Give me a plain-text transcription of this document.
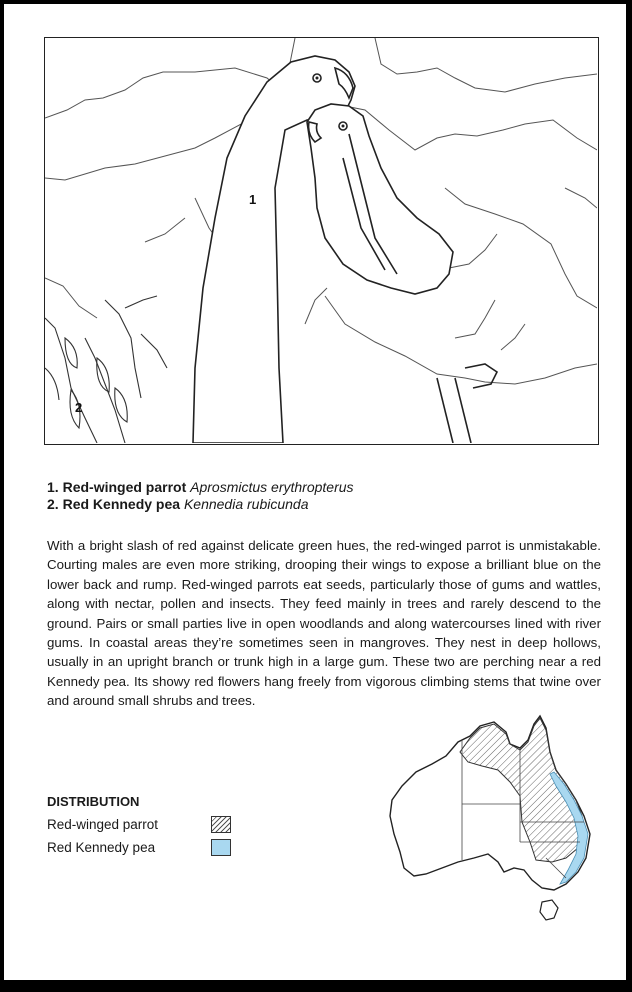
1
2
1. Red-winged parrot Aprosmictus erythropterus
2. Red Kennedy pea Kennedia rubicunda

With a bright slash of red against delicate green hues, the red-winged parrot is unmistakable. Courting males are even more striking, drooping their wings to expose a brilliant blue on the lower back and rump. Red-winged parrots eat seeds, particularly those of gums and wattles, along with nectar, pollen and insects. They feed mainly in trees and rarely descend to the ground. Pairs or small parties live in open woodlands and along watercourses lined with river gums. In coastal areas they’re sometimes seen in mangroves. They nest in deep hollows, usually in an upright branch or trunk high in a large gum. These two are perching near a red Kennedy pea. Its showy red flowers hang freely from vigorous climbing stems that twine over and around small shrubs and trees.

DISTRIBUTION
Red-winged parrot
Red Kennedy pea
